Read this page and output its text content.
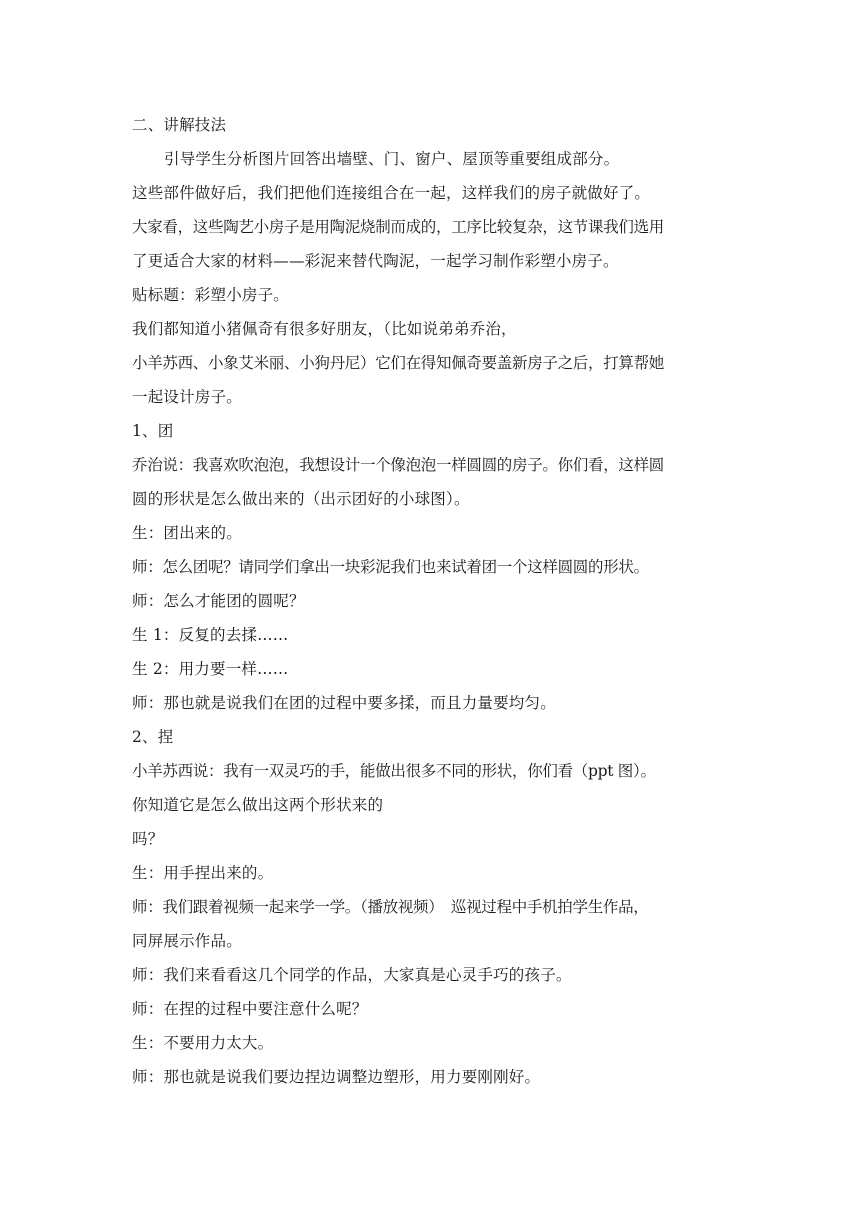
二、讲解技法
引导学生分析图片回答出墙壁、门、窗户、屋顶等重要组成部分。
这些部件做好后，我们把他们连接组合在一起，这样我们的房子就做好了。
大家看，这些陶艺小房子是用陶泥烧制而成的，工序比较复杂，这节课我们选用
了更适合大家的材料——彩泥来替代陶泥，一起学习制作彩塑小房子。
贴标题：彩塑小房子。
我们都知道小猪佩奇有很多好朋友，（比如说弟弟乔治，
小羊苏西、小象艾米丽、小狗丹尼）它们在得知佩奇要盖新房子之后，打算帮她
一起设计房子。
1、团
乔治说：我喜欢吹泡泡，我想设计一个像泡泡一样圆圆的房子。你们看，这样圆
圆的形状是怎么做出来的（出示团好的小球图）。
生：团出来的。
师：怎么团呢？请同学们拿出一块彩泥我们也来试着团一个这样圆圆的形状。
师：怎么才能团的圆呢？
生 1：反复的去揉……
生 2：用力要一样……
师：那也就是说我们在团的过程中要多揉，而且力量要均匀。
2、捏
小羊苏西说：我有一双灵巧的手，能做出很多不同的形状，你们看（ppt 图）。
你知道它是怎么做出这两个形状来的
吗？
生：用手捏出来的。
师：我们跟着视频一起来学一学。（播放视频）　巡视过程中手机拍学生作品，
同屏展示作品。
师：我们来看看这几个同学的作品，大家真是心灵手巧的孩子。
师：在捏的过程中要注意什么呢？
生：不要用力太大。
师：那也就是说我们要边捏边调整边塑形，用力要刚刚好。
